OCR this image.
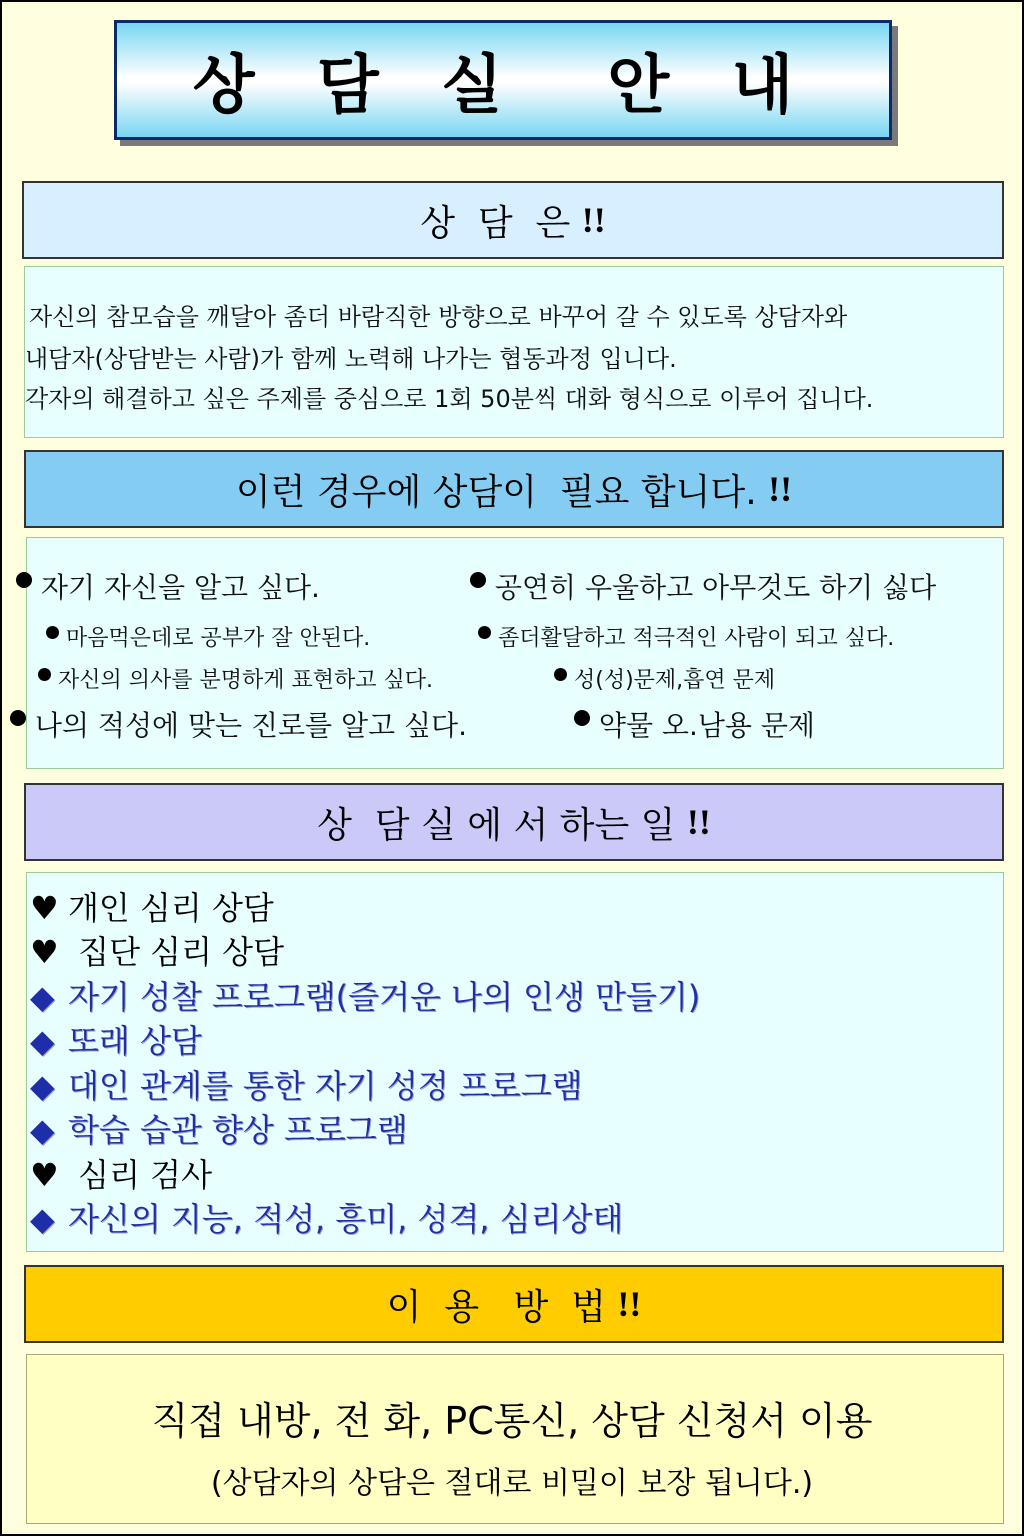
상 담 실  안 내
상  담  은 !!
자신의 참모습을 깨달아 좀더 바람직한 방향으로 바꾸어 갈 수 있도록 상담자와
내담자(상담받는 사람)가 함께 노력해 나가는 협동과정 입니다.
각자의 해결하고 싶은 주제를 중심으로 1회 50분씩 대화 형식으로 이루어 집니다.
이런 경우에 상담이  필요 합니다. !!
자기 자신을 알고 싶다.	공연히 우울하고 아무것도 하기 싫다
마음먹은데로 공부가 잘 안된다.	좀더활달하고 적극적인 사람이 되고 싶다.
자신의 의사를 분명하게 표현하고 싶다.	성(성)문제,흡연 문제
나의 적성에 맞는 진로를 알고 싶다.	약물 오.남용 문제
상  담 실 에 서 하는 일 !!
♥ 개인 심리 상담
♥ 집단 심리 상담
◆ 자기 성찰 프로그램(즐거운 나의 인생 만들기)
◆ 또래 상담
◆ 대인 관계를 통한 자기 성정 프로그램
◆ 학습 습관 향상 프로그램
♥ 심리 검사
◆ 자신의 지능, 적성, 흥미, 성격, 심리상태
이  용   방  법 !!
직접 내방, 전 화, PC통신, 상담 신청서 이용
(상담자의 상담은 절대로 비밀이 보장 됩니다.)
